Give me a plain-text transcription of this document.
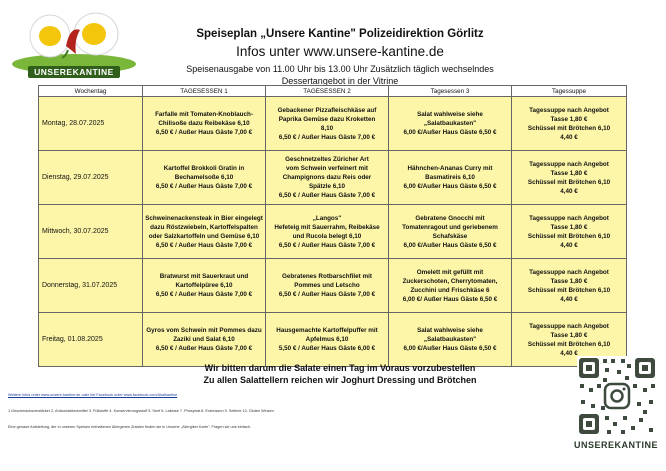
UNSEREKANTINE

Speiseplan „Unsere Kantine" Polizeidirektion Görlitz

Infos unter www.unsere-kantine.de

Speisenausgabe von 11.00 Uhr bis 13.00 Uhr Zusätzlich täglich wechselndes

Dessertangebot in der Vitrine

Wochentag	TAGESESSEN 1	TAGESESSEN 2	Tagesessen 3	Tagessuppe
Montag, 28.07.2025	Farfalle mit Tomaten-Knoblauch-
Chilisoße dazu Reibekäse 6,10
6,50 € / Außer Haus Gäste 7,00 €	Gebackener Pizzafleischkäse auf
Paprika Gemüse dazu Kroketten
8,10
6,50 € / Außer Haus Gäste 7,00 €	Salat wahlweise siehe
„Salatbaukasten"
6,00 €/Außer Haus Gäste 6,50 €	Tagessuppe nach Angebot
Tasse 1,80 €
Schüssel mit Brötchen 6,10
4,40 €

Dienstag, 29.07.2025	Kartoffel Brokkoli Gratin in
Bechamelsoße 6,10
6,50 € / Außer Haus Gäste 7,00 €	Geschnetzeltes Züricher Art
vom Schwein verfeinert mit
Champignons dazu Reis oder
Spätzle 6,10
6,50 € / Außer Haus Gäste 7,00 €	Hähnchen-Ananas Curry mit
Basmatireis 6,10
6,00 €/Außer Haus Gäste 6,50 €	Tagessuppe nach Angebot
Tasse 1,80 €
Schüssel mit Brötchen 6,10
4,40 €

Mittwoch, 30.07.2025	Schweinenackensteak in Bier eingelegt
dazu Röstzwiebeln, Kartoffelspalten
oder Salzkartoffeln und Gemüse 6,10
6,50 € / Außer Haus Gäste 7,00 €	„Langos"
Hefeteig mit Sauerrahm, Reibekäse
und Rucola belegt 6,10
6,50 € / Außer Haus Gäste 7,00 €	Gebratene Gnocchi mit
Tomatenragout und geriebenem
Schafskäse
6,00 €/Außer Haus Gäste 6,50 €	Tagessuppe nach Angebot
Tasse 1,80 €
Schüssel mit Brötchen 6,10
4,40 €

Donnerstag, 31.07.2025	Bratwurst mit Sauerkraut und
Kartoffelpüree 6,10
6,50 € / Außer Haus Gäste 7,00 €	Gebratenes Rotbarschfilet mit
Pommes und Letscho
6,50 € / Außer Haus Gäste 7,00 €	Omelett mit gefüllt mit
Zuckerschoten, Cherrytomaten,
Zucchini und Frischkäse 6
6,00 €/ Außer Haus Gäste 6,50 €	Tagessuppe nach Angebot
Tasse 1,80 €
Schüssel mit Brötchen 6,10
4,40 €

Freitag, 01.08.2025	Gyros vom Schwein mit Pommes dazu
Zaziki und Salat 6,10
6,50 € / Außer Haus Gäste 7,00 €	Hausgemachte Kartoffelpuffer mit
Apfelmus 6,10
5,50 € / Außer Haus Gäste 6,00 €	Salat wahlweise siehe
„Salatbaukasten"
6,00 €/Außer Haus Gäste 6,50 €	Tagessuppe nach Angebot
Tasse 1,80 €
Schüssel mit Brötchen 6,10
4,40 €
Wir bitten darum die Salate einen Tag im Voraus vorzubestellen
Zu allen Salattellern reichen wir Joghurt Dressing und Brötchen
Weitere Infos unter www.unsere-kantine.de oder bei Facebook unter www.facebook.com/Akalkantine
1.Geschmacksverstärker 2. Antioxidationsmittel 3. Füllstoffe 4. Konservierungsstoff 5. Senf 6. Laktose 7. Phosphat 8. Erdnüssen 9. Sellerie 10. Gluten Weizen
Eine genaue Aufstellung, der in unseren Speisen enthaltenen Allergenen Zutaten finden sie in Unserer „Allergiker Karte". Fragen sie uns einfach.
UNSEREKANTINE
